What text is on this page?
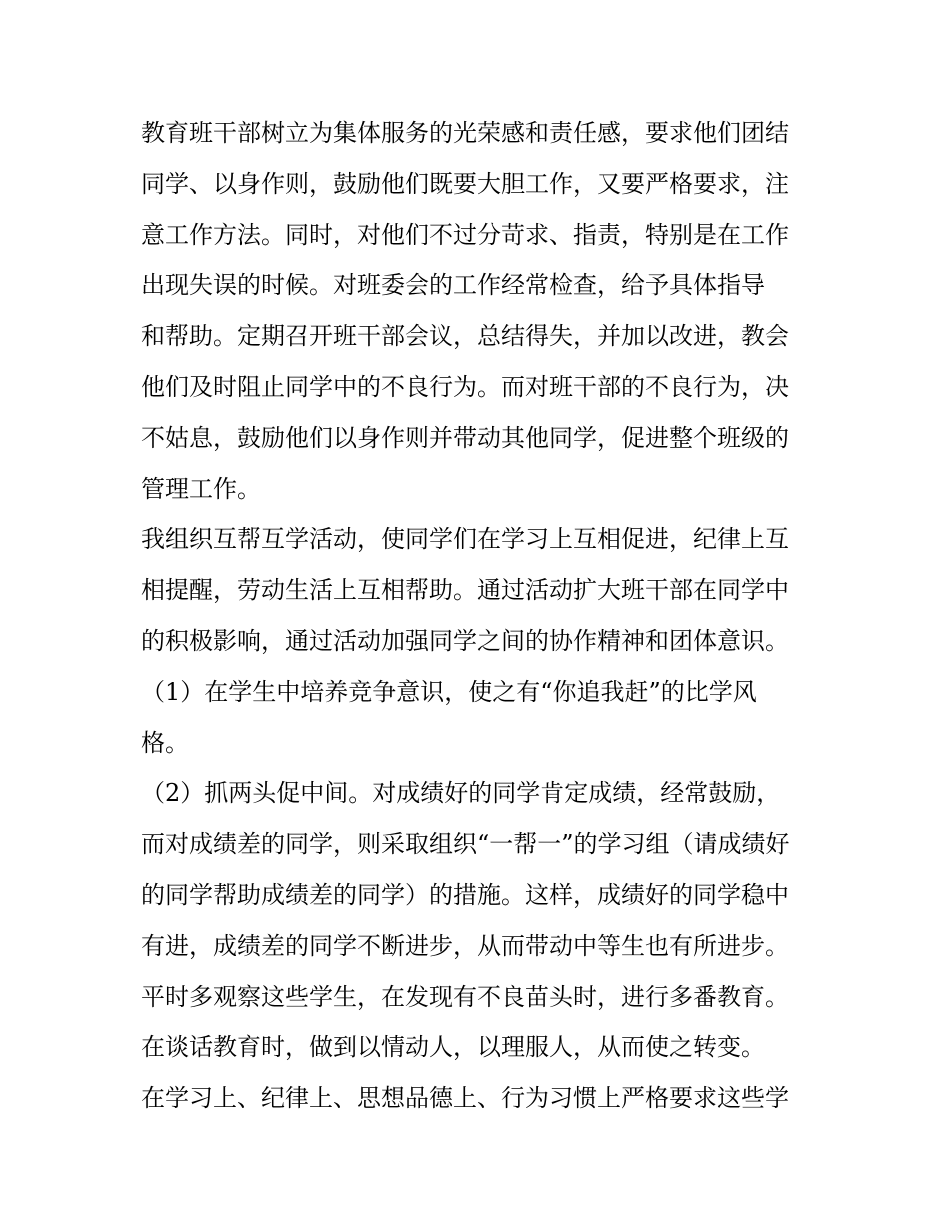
教育班干部树立为集体服务的光荣感和责任感，要求他们团结
同学、以身作则，鼓励他们既要大胆工作，又要严格要求，注
意工作方法。同时，对他们不过分苛求、指责，特别是在工作
出现失误的时候。对班委会的工作经常检查，给予具体指导
和帮助。定期召开班干部会议，总结得失，并加以改进，教会
他们及时阻止同学中的不良行为。而对班干部的不良行为，决
不姑息，鼓励他们以身作则并带动其他同学，促进整个班级的
管理工作。
我组织互帮互学活动，使同学们在学习上互相促进，纪律上互
相提醒，劳动生活上互相帮助。通过活动扩大班干部在同学中
的积极影响，通过活动加强同学之间的协作精神和团体意识。
（1）在学生中培养竞争意识，使之有“你追我赶”的比学风
格。
（2）抓两头促中间。对成绩好的同学肯定成绩，经常鼓励，
而对成绩差的同学，则采取组织“一帮一”的学习组（请成绩好
的同学帮助成绩差的同学）的措施。这样，成绩好的同学稳中
有进，成绩差的同学不断进步，从而带动中等生也有所进步。
平时多观察这些学生，在发现有不良苗头时，进行多番教育。
在谈话教育时，做到以情动人，以理服人，从而使之转变。
在学习上、纪律上、思想品德上、行为习惯上严格要求这些学
